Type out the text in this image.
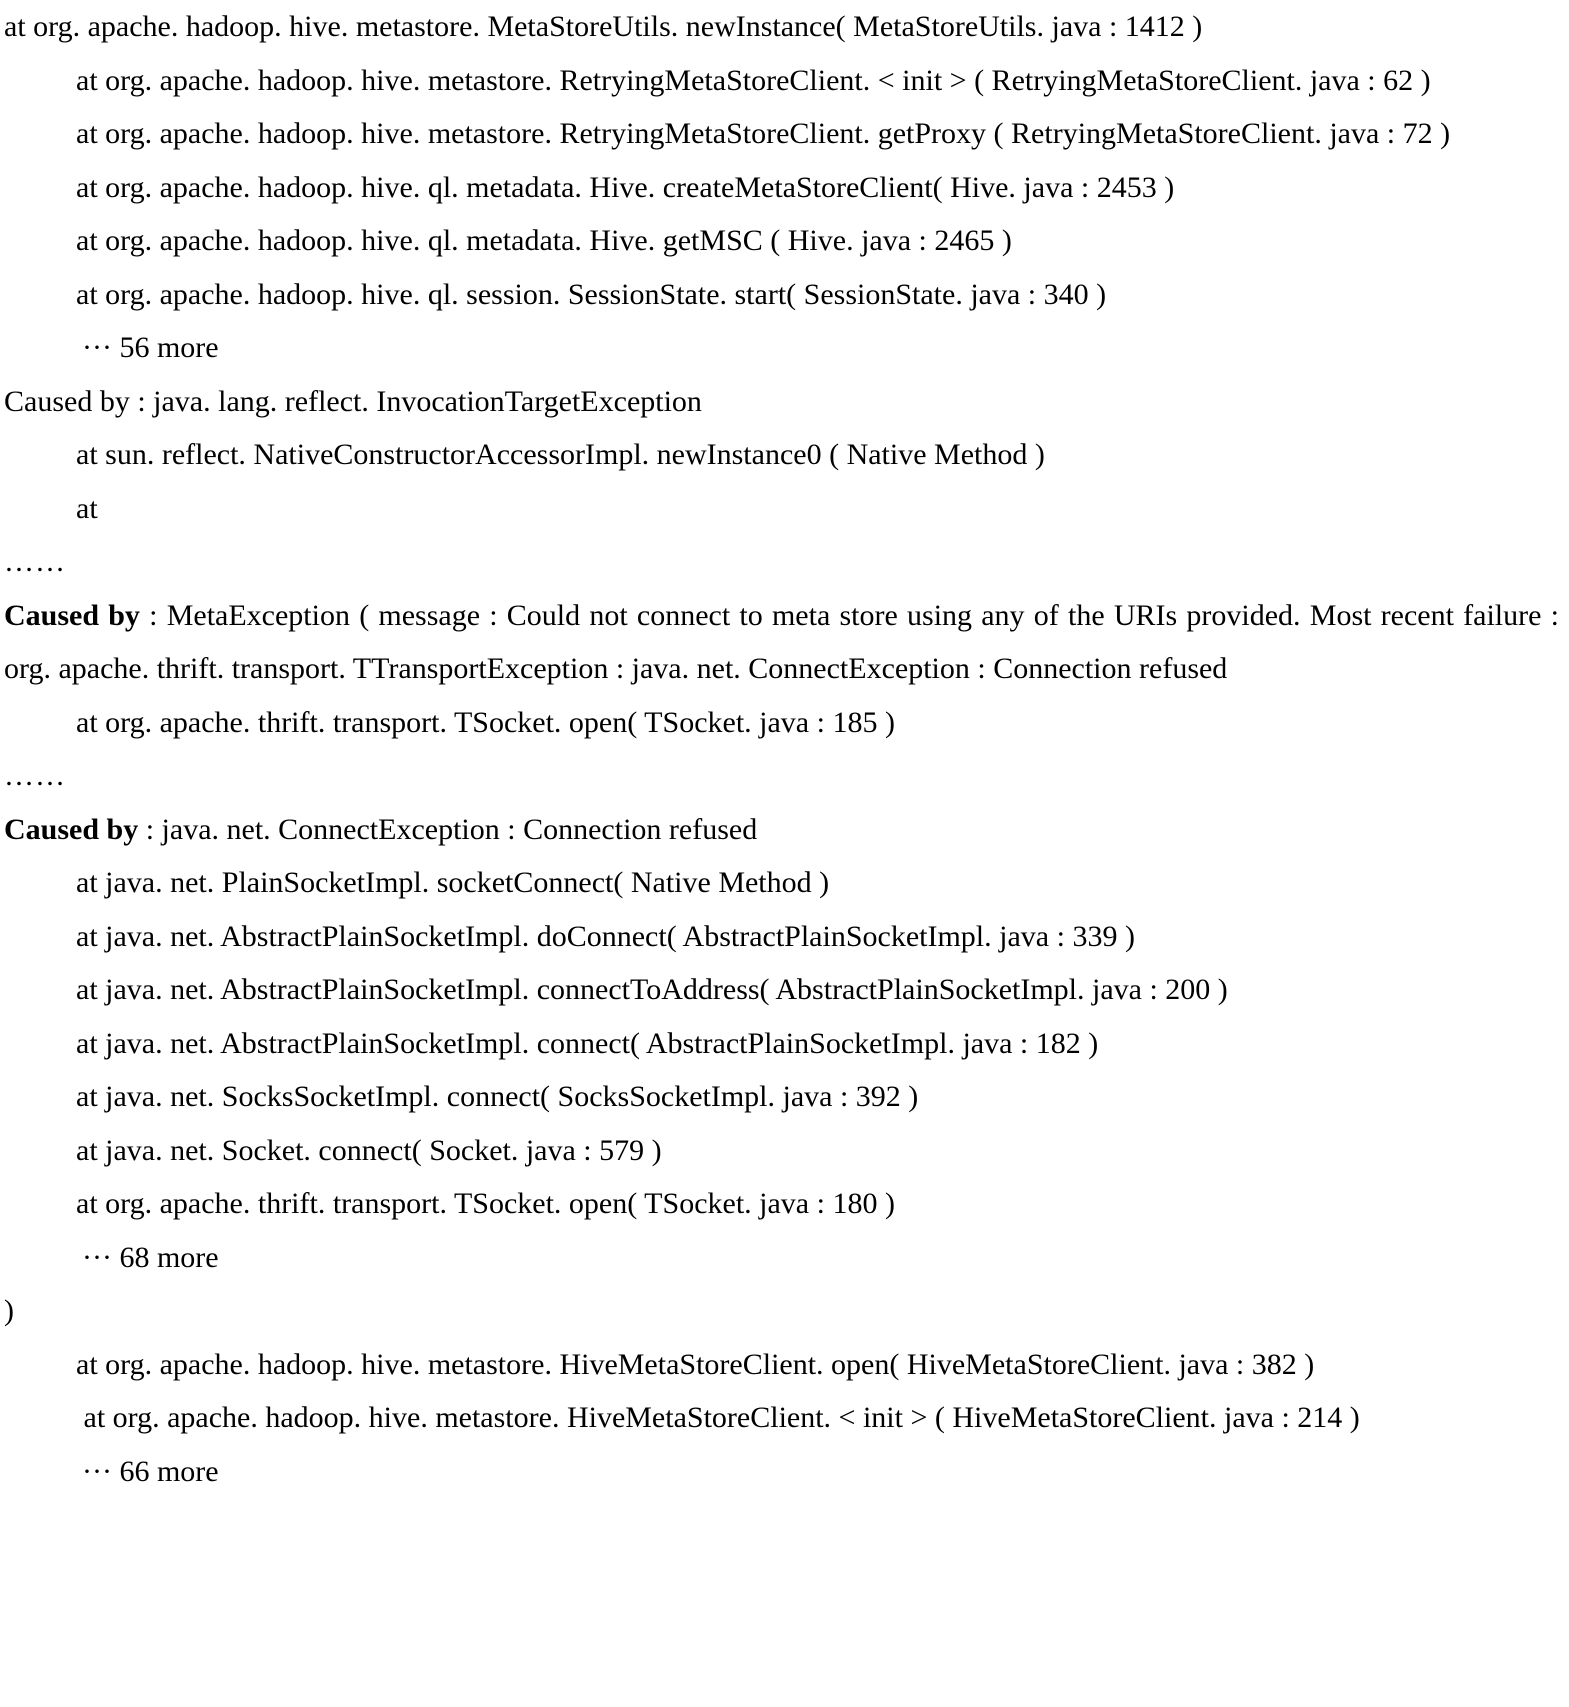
at org. apache. hadoop. hive. metastore. MetaStoreUtils. newInstance( MetaStoreUtils. java : 1412 )
at org. apache. hadoop. hive. metastore. RetryingMetaStoreClient. < init > ( RetryingMetaStoreClient. java : 62 )
at org. apache. hadoop. hive. metastore. RetryingMetaStoreClient. getProxy ( RetryingMetaStoreClient. java : 72 )
at org. apache. hadoop. hive. ql. metadata. Hive. createMetaStoreClient( Hive. java : 2453 )
at org. apache. hadoop. hive. ql. metadata. Hive. getMSC ( Hive. java : 2465 )
at org. apache. hadoop. hive. ql. session. SessionState. start( SessionState. java : 340 )
··· 56 more
Caused by : java. lang. reflect. InvocationTargetException
at sun. reflect. NativeConstructorAccessorImpl. newInstance0 ( Native Method )
at
……
Caused by : MetaException ( message : Could not connect to meta store using any of the URIs provided. Most recent failure : org. apache. thrift. transport. TTransportException : java. net. ConnectException : Connection refused
at org. apache. thrift. transport. TSocket. open( TSocket. java : 185 )
……
Caused by : java. net. ConnectException : Connection refused
at java. net. PlainSocketImpl. socketConnect( Native Method )
at java. net. AbstractPlainSocketImpl. doConnect( AbstractPlainSocketImpl. java : 339 )
at java. net. AbstractPlainSocketImpl. connectToAddress( AbstractPlainSocketImpl. java : 200 )
at java. net. AbstractPlainSocketImpl. connect( AbstractPlainSocketImpl. java : 182 )
at java. net. SocksSocketImpl. connect( SocksSocketImpl. java : 392 )
at java. net. Socket. connect( Socket. java : 579 )
at org. apache. thrift. transport. TSocket. open( TSocket. java : 180 )
··· 68 more
)
at org. apache. hadoop. hive. metastore. HiveMetaStoreClient. open( HiveMetaStoreClient. java : 382 )
at org. apache. hadoop. hive. metastore. HiveMetaStoreClient. < init > ( HiveMetaStoreClient. java : 214 )
··· 66 more
